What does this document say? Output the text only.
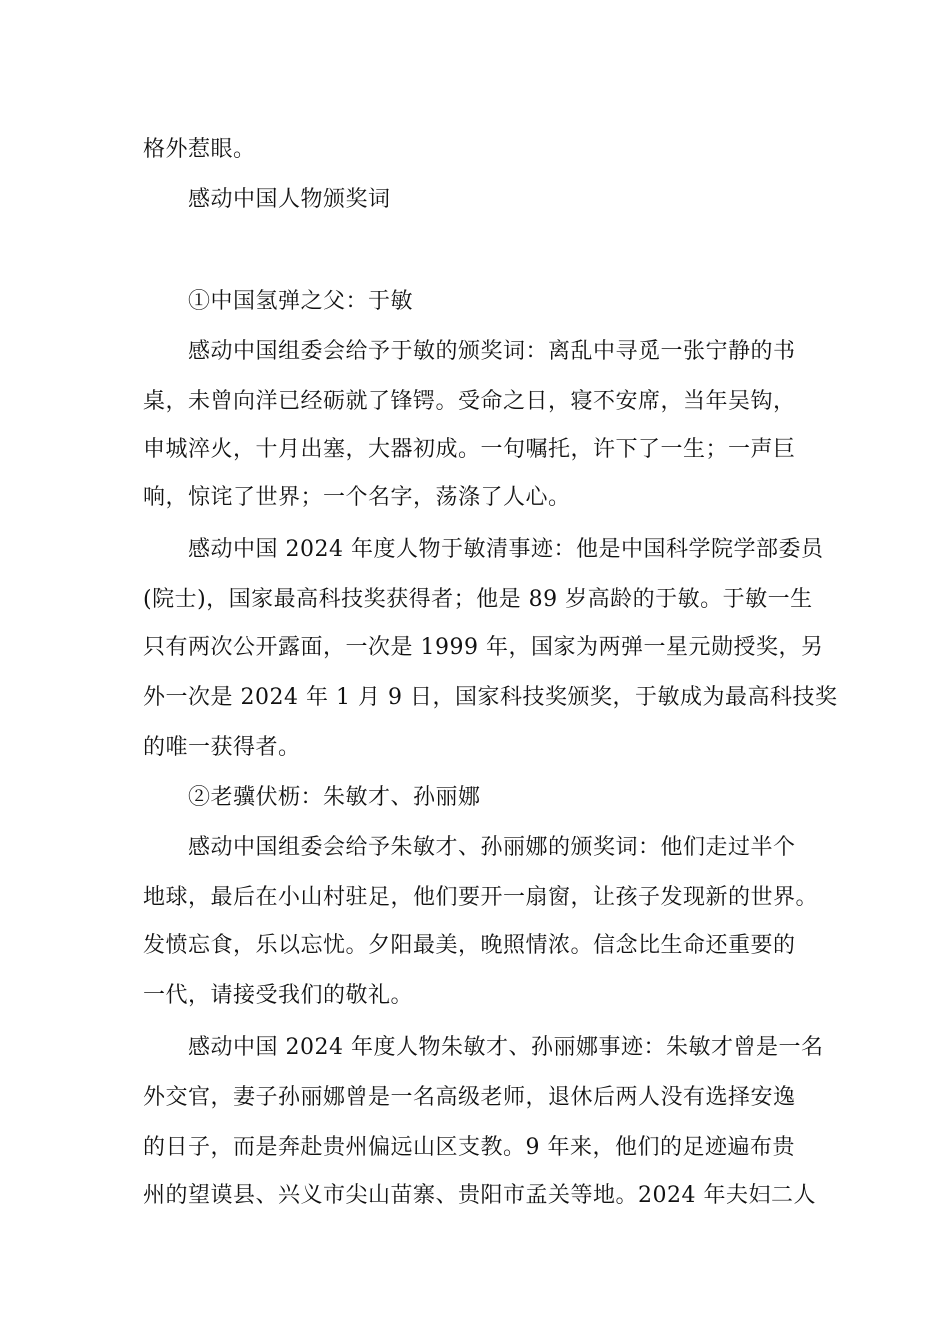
格外惹眼。
感动中国人物颁奖词
①中国氢弹之父：于敏
感动中国组委会给予于敏的颁奖词：离乱中寻觅一张宁静的书
桌，未曾向洋已经砺就了锋锷。受命之日，寝不安席，当年吴钩，
申城淬火，十月出塞，大器初成。一句嘱托，许下了一生；一声巨
响，惊诧了世界；一个名字，荡涤了人心。
感动中国 2024 年度人物于敏清事迹：他是中国科学院学部委员
(院士)，国家最高科技奖获得者；他是 89 岁高龄的于敏。于敏一生
只有两次公开露面，一次是 1999 年，国家为两弹一星元勋授奖，另
外一次是 2024 年 1 月 9 日，国家科技奖颁奖，于敏成为最高科技奖
的唯一获得者。
②老骥伏枥：朱敏才、孙丽娜
感动中国组委会给予朱敏才、孙丽娜的颁奖词：他们走过半个
地球，最后在小山村驻足，他们要开一扇窗，让孩子发现新的世界。
发愤忘食，乐以忘忧。夕阳最美，晚照情浓。信念比生命还重要的
一代，请接受我们的敬礼。
感动中国 2024 年度人物朱敏才、孙丽娜事迹：朱敏才曾是一名
外交官，妻子孙丽娜曾是一名高级老师，退休后两人没有选择安逸
的日子，而是奔赴贵州偏远山区支教。9 年来，他们的足迹遍布贵
州的望谟县、兴义市尖山苗寨、贵阳市孟关等地。2024 年夫妇二人
